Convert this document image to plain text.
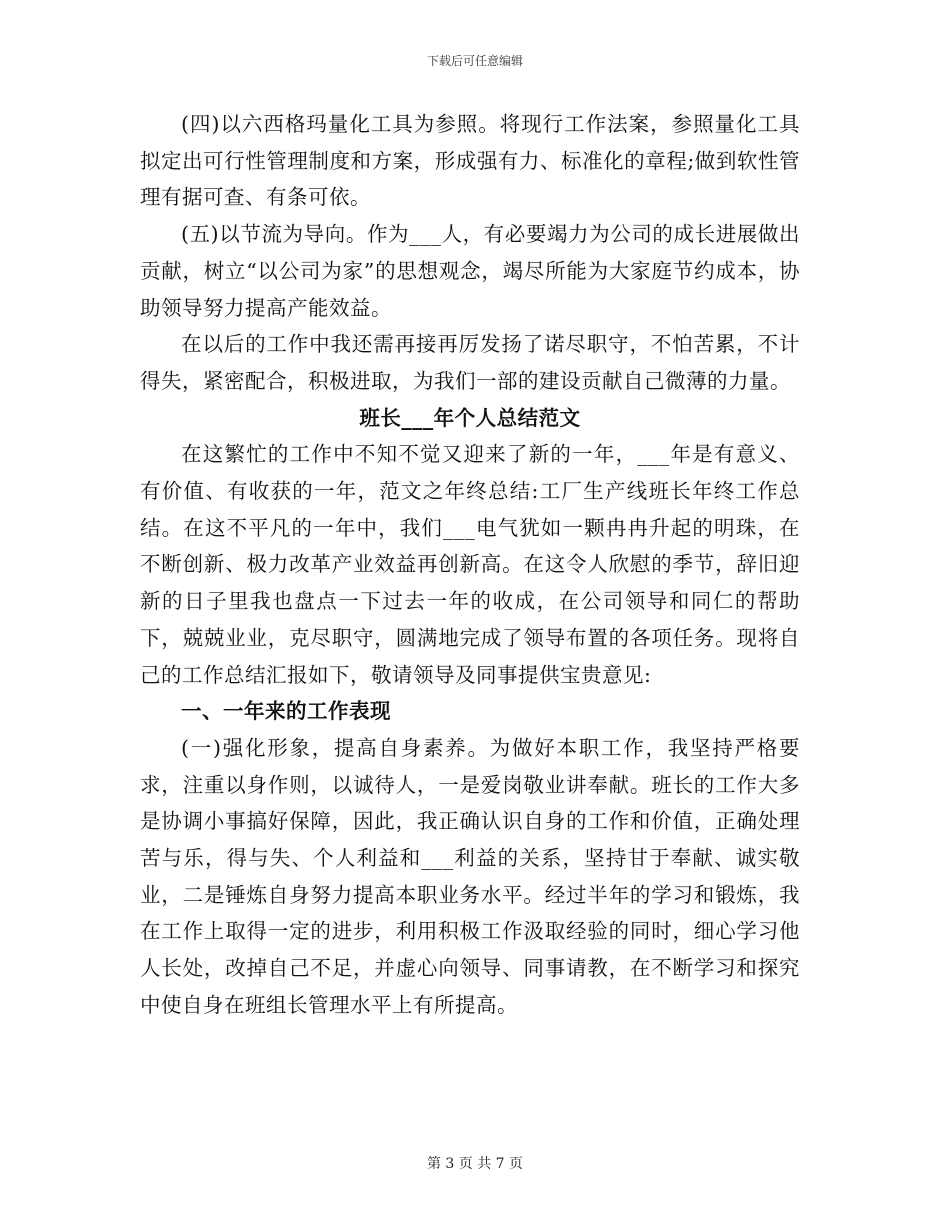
下载后可任意编辑

(四)以六西格玛量化工具为参照。将现行工作法案，参照量化工具拟定出可行性管理制度和方案，形成强有力、标准化的章程;做到软性管理有据可查、有条可依。

(五)以节流为导向。作为___人，有必要竭力为公司的成长进展做出贡献，树立“以公司为家”的思想观念，竭尽所能为大家庭节约成本，协助领导努力提高产能效益。

在以后的工作中我还需再接再厉发扬了诺尽职守，不怕苦累，不计得失，紧密配合，积极进取，为我们一部的建设贡献自己微薄的力量。

班长___年个人总结范文

在这繁忙的工作中不知不觉又迎来了新的一年，___年是有意义、有价值、有收获的一年，范文之年终总结:工厂生产线班长年终工作总结。在这不平凡的一年中，我们___电气犹如一颗冉冉升起的明珠，在不断创新、极力改革产业效益再创新高。在这令人欣慰的季节，辞旧迎新的日子里我也盘点一下过去一年的收成，在公司领导和同仁的帮助下，兢兢业业，克尽职守，圆满地完成了领导布置的各项任务。现将自己的工作总结汇报如下，敬请领导及同事提供宝贵意见:

一、一年来的工作表现

(一)强化形象，提高自身素养。为做好本职工作，我坚持严格要求，注重以身作则，以诚待人，一是爱岗敬业讲奉献。班长的工作大多是协调小事搞好保障，因此，我正确认识自身的工作和价值，正确处理苦与乐，得与失、个人利益和___利益的关系，坚持甘于奉献、诚实敬业，二是锤炼自身努力提高本职业务水平。经过半年的学习和锻炼，我在工作上取得一定的进步，利用积极工作汲取经验的同时，细心学习他人长处，改掉自己不足，并虚心向领导、同事请教，在不断学习和探究中使自身在班组长管理水平上有所提高。

第 3 页 共 7 页
